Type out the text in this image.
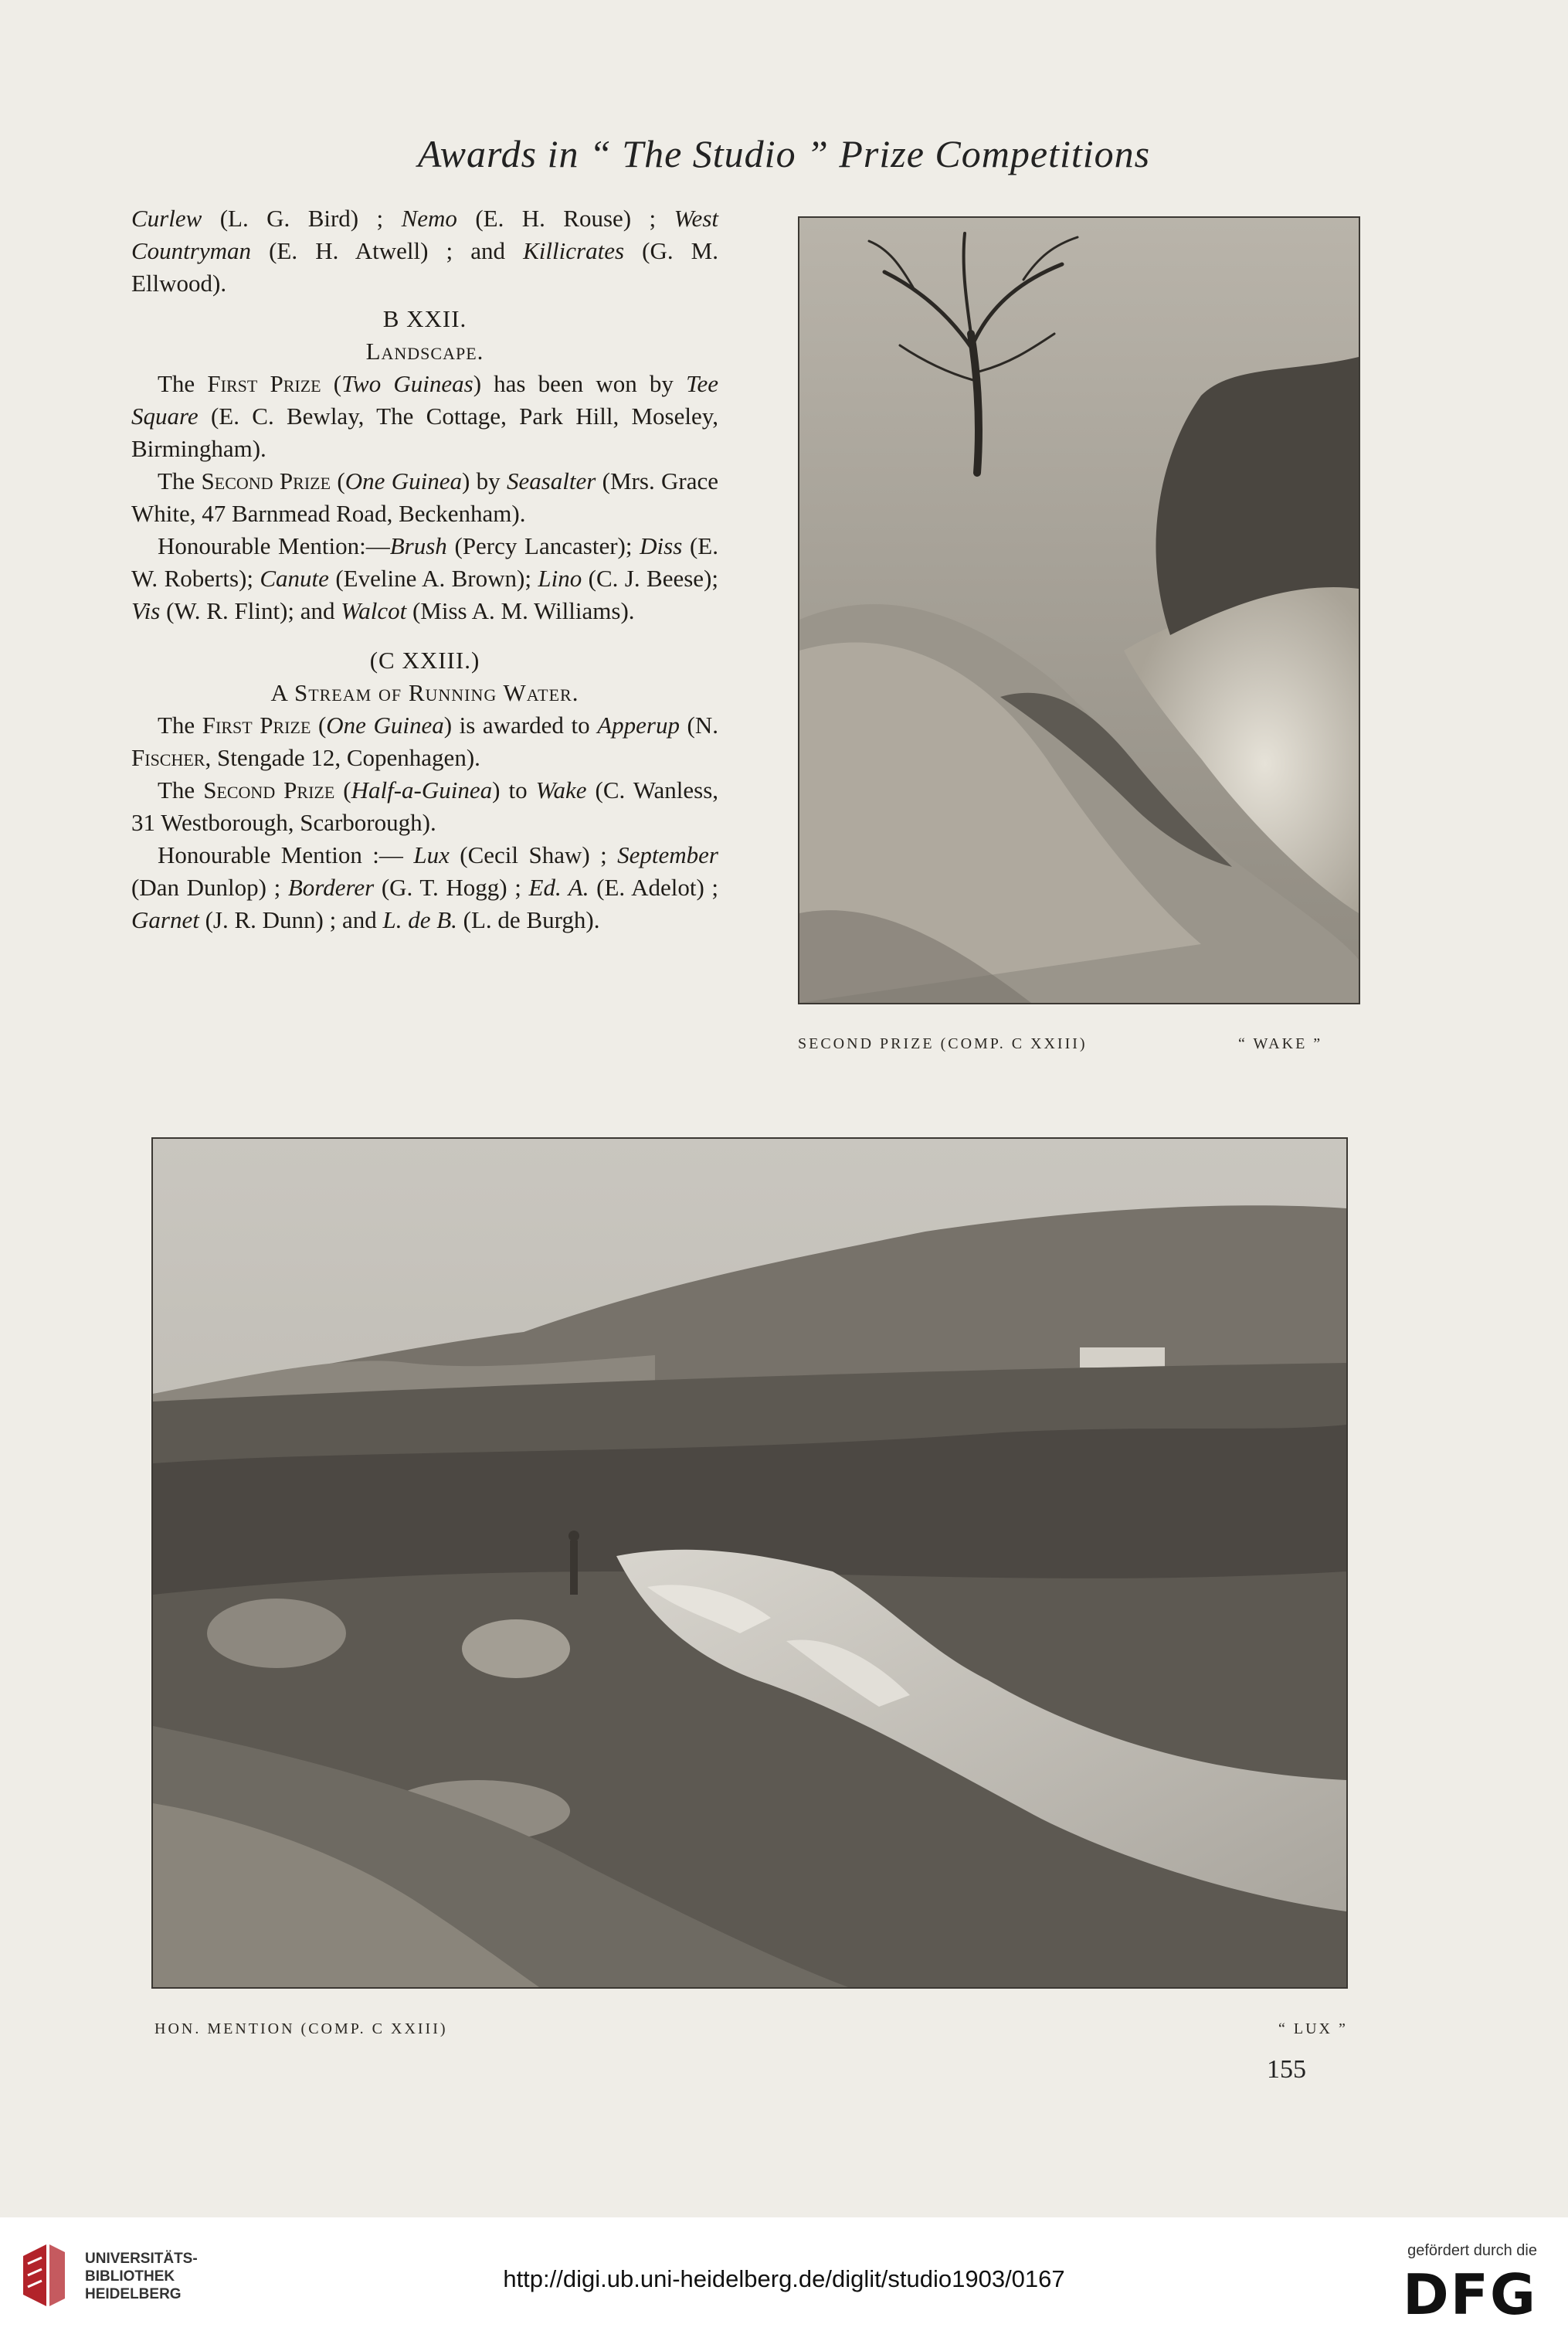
Awards in “ The Studio ” Prize Competitions

Curlew (L. G. Bird) ; Nemo (E. H. Rouse) ; West Countryman (E. H. Atwell) ; and Killicrates (G. M. Ellwood).

B XXII.

Landscape.

The First Prize (Two Guineas) has been won by Tee Square (E. C. Bewlay, The Cottage, Park Hill, Moseley, Birmingham).

The Second Prize (One Guinea) by Seasalter (Mrs. Grace White, 47 Barnmead Road, Beckenham).

Honourable Mention:—Brush (Percy Lancaster); Diss (E. W. Roberts); Canute (Eveline A. Brown); Lino (C. J. Beese); Vis (W. R. Flint); and Walcot (Miss A. M. Williams).

(C XXIII.)

A Stream of Running Water.

The First Prize (One Guinea) is awarded to Apperup (N. Fischer, Stengade 12, Copenhagen).

The Second Prize (Half-a-Guinea) to Wake (C. Wanless, 31 Westborough, Scarborough).

Honourable Mention :— Lux (Cecil Shaw) ; September (Dan Dunlop) ; Borderer (G. T. Hogg) ; Ed. A. (E. Adelot) ; Garnet (J. R. Dunn) ; and L. de B. (L. de Burgh).

SECOND PRIZE (COMP. C XXIII)	“ WAKE ”
HON. MENTION (COMP. C XXIII)	“ LUX ”
155
UNIVERSITÄTS-
BIBLIOTHEK
HEIDELBERG
http://digi.ub.uni-heidelberg.de/diglit/studio1903/0167
gefördert durch die
DFG
